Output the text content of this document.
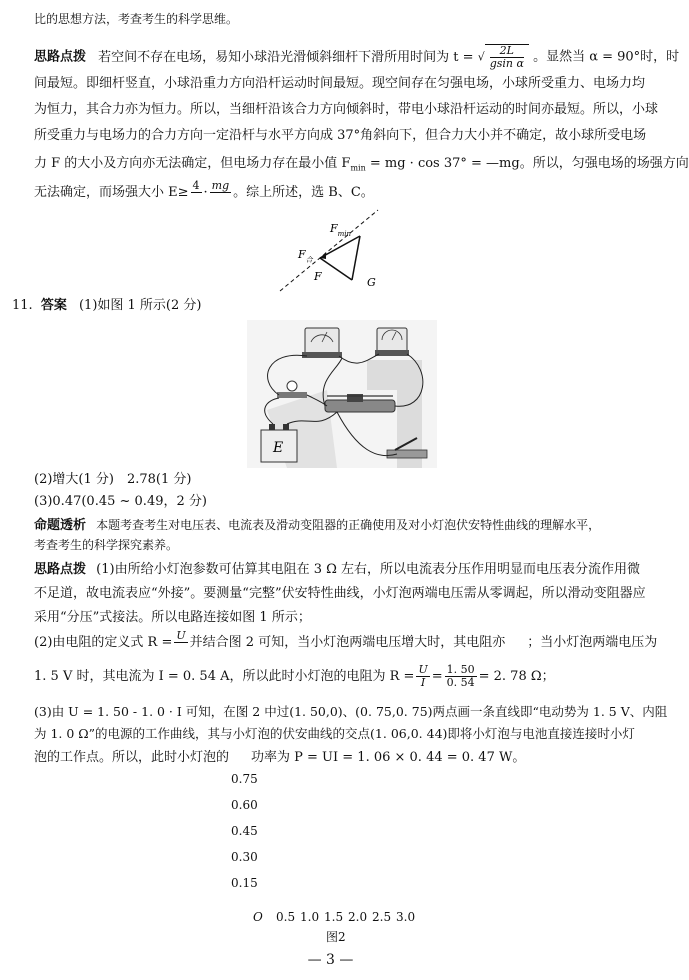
比的思想方法，考查考生的科学思维。
思路点拨 若空间不存在电场，易知小球沿光滑倾斜细杆下滑所用时间为 t = √ $\frac{2L}{\text{gsin α}}$ 。显然当 α = 90°时，时
间最短。即细杆竖直，小球沿重力方向沿杆运动时间最短。现空间存在匀强电场，小球所受重力、电场力均
为恒力，其合力亦为恒力。所以，当细杆沿该合力方向倾斜时，带电小球沿杆运动的时间亦最短。所以，小球
所受重力与电场力的合力方向一定沿杆与水平方向成 37°角斜向下，但合力大小并不确定，故小球所受电场
力 F 的大小及方向亦无法确定，但电场力存在最小值 $F_{min}$ = mg · cos 37° = —mg。所以，匀强电场的场强方向
无法确定，而场强大小 E≥ 4 · mg 。综上所述，选 B、C。
$F_{min}$
$F_合$
F	G
11. 答案 (1)如图 1 所示(2 分)
E
(2)增大(1 分)　2.78(1 分)
(3)0.47(0.45 ~ 0.49，2 分)
命题透析 本题考查考生对电压表、电流表及滑动变阻器的正确使用及对小灯泡伏安特性曲线的理解水平，
考查考生的科学探究素养。
思路点拨 (1)由所给小灯泡参数可估算其电阻在 3 Ω 左右，所以电流表分压作用明显而电压表分流作用微
不足道，故电流表应“外接”。要测量“完整”伏安特性曲线，小灯泡两端电压需从零调起，所以滑动变阻器应
采用“分压”式接法。所以电路连接如图 1 所示；
(2)由电阻的定义式 R = U 并结合图 2 可知，当小灯泡两端电压增大时，其电阻亦 ；当小灯泡两端电压为
1. 5 V 时，其电流为 I = 0. 54 A，所以此时小灯泡的电阻为 $R = \frac{U}{I} = \frac{1. 50}{0. 54} = 2$. 78 Ω；
(3)由 U = 1. 50 - 1. 0 · I 可知，在图 2 中过(1. 50,0)、(0. 75,0. 75)两点画一条直线即“电动势为 1. 5 V、内阻
为 1. 0 Ω”的电源的工作曲线，其与小灯泡的伏安曲线的交点(1. 06,0. 44)即将小灯泡与电池直接连接时小灯
泡的工作点。所以，此时小灯泡的 功率为 P = UI = 1. 06 × 0. 44 = 0. 47 W。
0.75
0.60
0.45
0.30
0.15
O 0.5 1.0 1.5 2.0 2.5 3.0
图2
— 3 —
